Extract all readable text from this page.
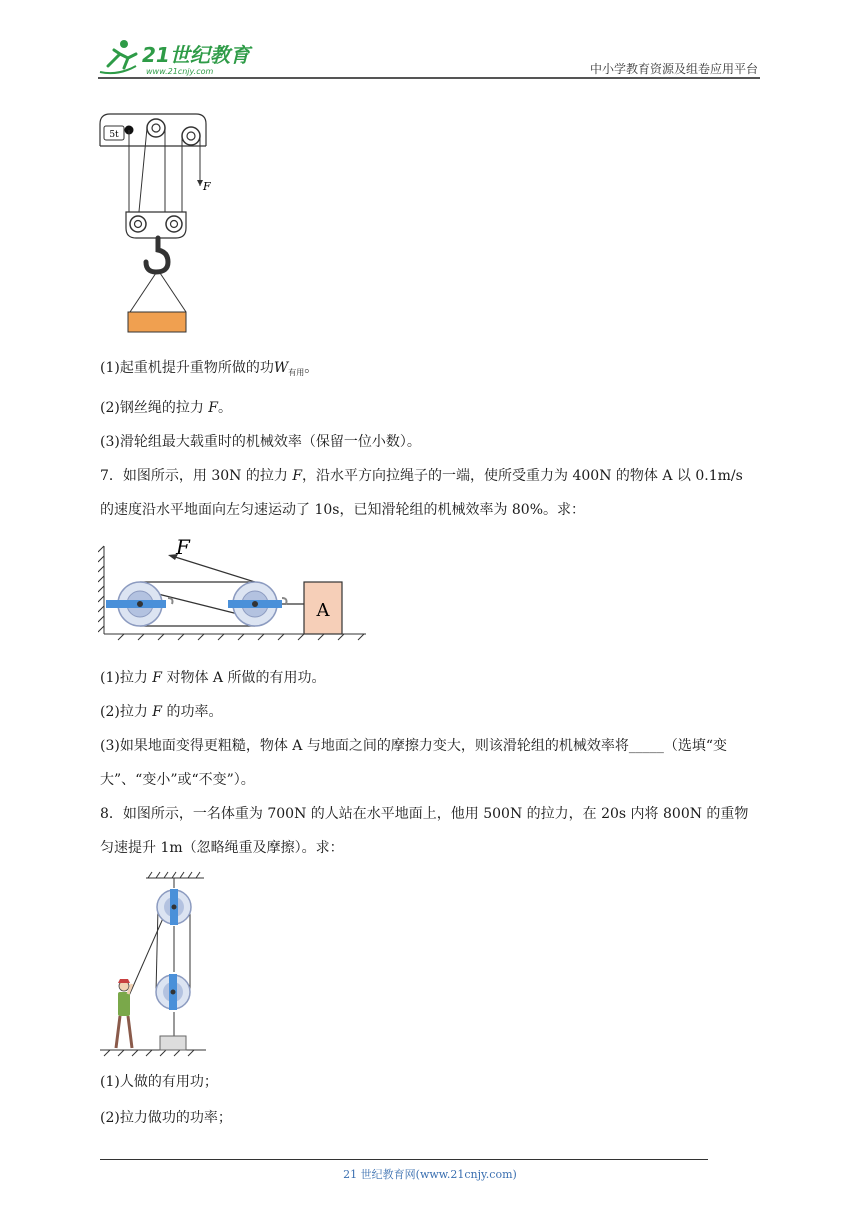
21世纪教育
www.21cnjy.com	中小学教育资源及组卷应用平台
5t
F
(1)起重机提升重物所做的功$W_{有用}$。
(2)钢丝绳的拉力 F。
(3)滑轮组最大载重时的机械效率（保留一位小数）。
7．如图所示，用 30N 的拉力 F，沿水平方向拉绳子的一端，使所受重力为 400N 的物体 A 以 0.1m/s
的速度沿水平地面向左匀速运动了 10s，已知滑轮组的机械效率为 80%。求：
F
A
(1)拉力 F 对物体 A 所做的有用功。
(2)拉力 F 的功率。
(3)如果地面变得更粗糙，物体 A 与地面之间的摩擦力变大，则该滑轮组的机械效率将_____（选填“变
大”、“变小”或“不变”）。
8．如图所示，一名体重为 700N 的人站在水平地面上，他用 500N 的拉力，在 20s 内将 800N 的重物
匀速提升 1m（忽略绳重及摩擦）。求：
(1)人做的有用功；
(2)拉力做功的功率；
21 世纪教育网(www.21cnjy.com)
